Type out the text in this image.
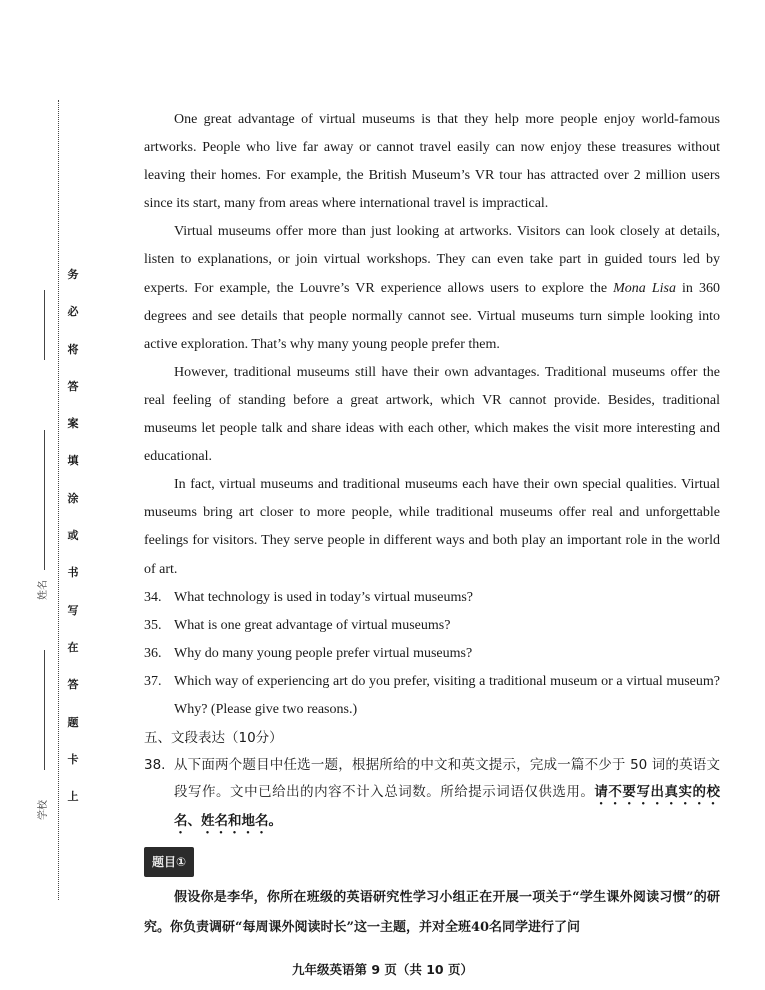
姓名
学校
务必将答案填涂或书写在答题卡上

One great advantage of virtual museums is that they help more people enjoy world-famous artworks. People who live far away or cannot travel easily can now enjoy these treasures without leaving their homes. For example, the British Museum’s VR tour has attracted over 2 million users since its start, many from areas where international travel is impractical.

Virtual museums offer more than just looking at artworks. Visitors can look closely at details, listen to explanations, or join virtual workshops. They can even take part in guided tours led by experts. For example, the Louvre’s VR experience allows users to explore the Mona Lisa in 360 degrees and see details that people normally cannot see. Virtual museums turn simple looking into active exploration. That’s why many young people prefer them.

However, traditional museums still have their own advantages. Traditional museums offer the real feeling of standing before a great artwork, which VR cannot provide. Besides, traditional museums let people talk and share ideas with each other, which makes the visit more interesting and educational.

In fact, virtual museums and traditional museums each have their own special qualities. Virtual museums bring art closer to more people, while traditional museums offer real and unforgettable feelings for visitors. They serve people in different ways and both play an important role in the world of art.

34. What technology is used in today’s virtual museums?
35. What is one great advantage of virtual museums?
36. Why do many young people prefer virtual museums?
37. Which way of experiencing art do you prefer, visiting a traditional museum or a virtual museum? Why? (Please give two reasons.)
五、文段表达（10分）
38. 从下面两个题目中任选一题，根据所给的中文和英文提示，完成一篇不少于 50 词的英语文段写作。文中已给出的内容不计入总词数。所给提示词语仅供选用。请不要写出真实的校名、姓名和地名。
题目①

假设你是李华，你所在班级的英语研究性学习小组正在开展一项关于“学生课外阅读习惯”的研究。你负责调研“每周课外阅读时长”这一主题，并对全班40名同学进行了问

九年级英语第 9 页（共 10 页）
